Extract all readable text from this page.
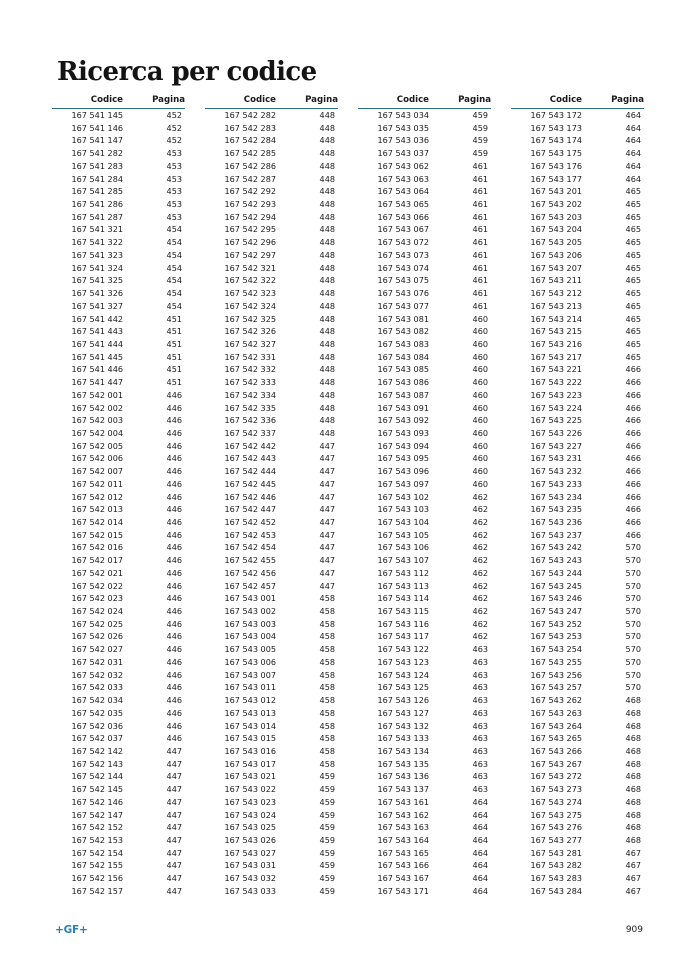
Ricerca per codice
Codice	Pagina
167 541 145	452
167 541 146	452
167 541 147	452
167 541 282	453
167 541 283	453
167 541 284	453
167 541 285	453
167 541 286	453
167 541 287	453
167 541 321	454
167 541 322	454
167 541 323	454
167 541 324	454
167 541 325	454
167 541 326	454
167 541 327	454
167 541 442	451
167 541 443	451
167 541 444	451
167 541 445	451
167 541 446	451
167 541 447	451
167 542 001	446
167 542 002	446
167 542 003	446
167 542 004	446
167 542 005	446
167 542 006	446
167 542 007	446
167 542 011	446
167 542 012	446
167 542 013	446
167 542 014	446
167 542 015	446
167 542 016	446
167 542 017	446
167 542 021	446
167 542 022	446
167 542 023	446
167 542 024	446
167 542 025	446
167 542 026	446
167 542 027	446
167 542 031	446
167 542 032	446
167 542 033	446
167 542 034	446
167 542 035	446
167 542 036	446
167 542 037	446
167 542 142	447
167 542 143	447
167 542 144	447
167 542 145	447
167 542 146	447
167 542 147	447
167 542 152	447
167 542 153	447
167 542 154	447
167 542 155	447
167 542 156	447
167 542 157	447
Codice	Pagina
167 542 282	448
167 542 283	448
167 542 284	448
167 542 285	448
167 542 286	448
167 542 287	448
167 542 292	448
167 542 293	448
167 542 294	448
167 542 295	448
167 542 296	448
167 542 297	448
167 542 321	448
167 542 322	448
167 542 323	448
167 542 324	448
167 542 325	448
167 542 326	448
167 542 327	448
167 542 331	448
167 542 332	448
167 542 333	448
167 542 334	448
167 542 335	448
167 542 336	448
167 542 337	448
167 542 442	447
167 542 443	447
167 542 444	447
167 542 445	447
167 542 446	447
167 542 447	447
167 542 452	447
167 542 453	447
167 542 454	447
167 542 455	447
167 542 456	447
167 542 457	447
167 543 001	458
167 543 002	458
167 543 003	458
167 543 004	458
167 543 005	458
167 543 006	458
167 543 007	458
167 543 011	458
167 543 012	458
167 543 013	458
167 543 014	458
167 543 015	458
167 543 016	458
167 543 017	458
167 543 021	459
167 543 022	459
167 543 023	459
167 543 024	459
167 543 025	459
167 543 026	459
167 543 027	459
167 543 031	459
167 543 032	459
167 543 033	459
Codice	Pagina
167 543 034	459
167 543 035	459
167 543 036	459
167 543 037	459
167 543 062	461
167 543 063	461
167 543 064	461
167 543 065	461
167 543 066	461
167 543 067	461
167 543 072	461
167 543 073	461
167 543 074	461
167 543 075	461
167 543 076	461
167 543 077	461
167 543 081	460
167 543 082	460
167 543 083	460
167 543 084	460
167 543 085	460
167 543 086	460
167 543 087	460
167 543 091	460
167 543 092	460
167 543 093	460
167 543 094	460
167 543 095	460
167 543 096	460
167 543 097	460
167 543 102	462
167 543 103	462
167 543 104	462
167 543 105	462
167 543 106	462
167 543 107	462
167 543 112	462
167 543 113	462
167 543 114	462
167 543 115	462
167 543 116	462
167 543 117	462
167 543 122	463
167 543 123	463
167 543 124	463
167 543 125	463
167 543 126	463
167 543 127	463
167 543 132	463
167 543 133	463
167 543 134	463
167 543 135	463
167 543 136	463
167 543 137	463
167 543 161	464
167 543 162	464
167 543 163	464
167 543 164	464
167 543 165	464
167 543 166	464
167 543 167	464
167 543 171	464
Codice	Pagina
167 543 172	464
167 543 173	464
167 543 174	464
167 543 175	464
167 543 176	464
167 543 177	464
167 543 201	465
167 543 202	465
167 543 203	465
167 543 204	465
167 543 205	465
167 543 206	465
167 543 207	465
167 543 211	465
167 543 212	465
167 543 213	465
167 543 214	465
167 543 215	465
167 543 216	465
167 543 217	465
167 543 221	466
167 543 222	466
167 543 223	466
167 543 224	466
167 543 225	466
167 543 226	466
167 543 227	466
167 543 231	466
167 543 232	466
167 543 233	466
167 543 234	466
167 543 235	466
167 543 236	466
167 543 237	466
167 543 242	570
167 543 243	570
167 543 244	570
167 543 245	570
167 543 246	570
167 543 247	570
167 543 252	570
167 543 253	570
167 543 254	570
167 543 255	570
167 543 256	570
167 543 257	570
167 543 262	468
167 543 263	468
167 543 264	468
167 543 265	468
167 543 266	468
167 543 267	468
167 543 272	468
167 543 273	468
167 543 274	468
167 543 275	468
167 543 276	468
167 543 277	468
167 543 281	467
167 543 282	467
167 543 283	467
167 543 284	467
+GF+	909
